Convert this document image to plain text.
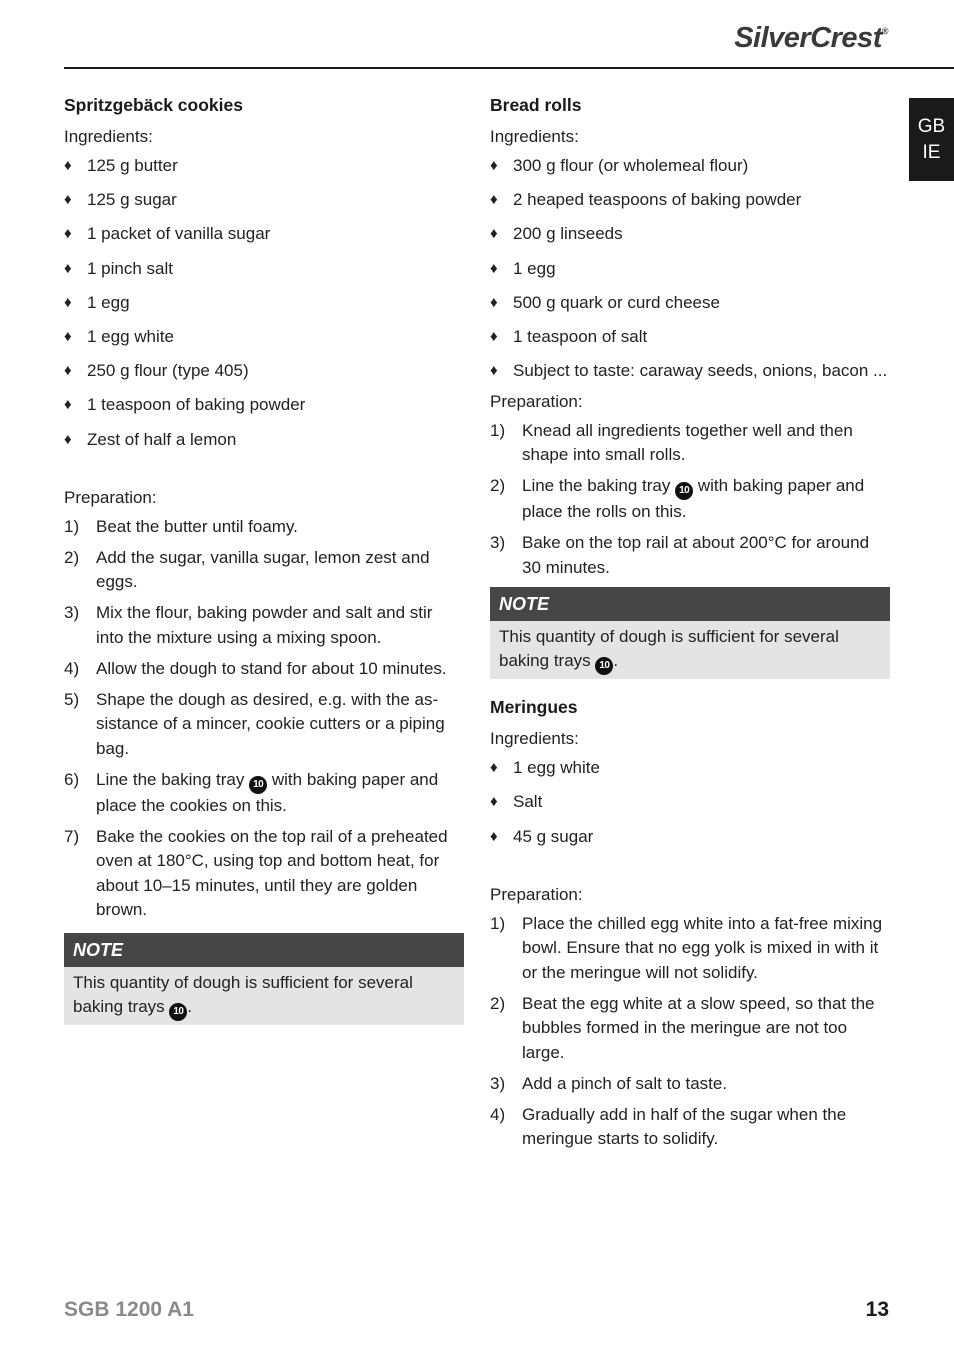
SilverCrest®
GB
IE
Spritzgebäck cookies
Ingredients:
♦ 125 g butter
♦ 125 g sugar
♦ 1 packet of vanilla sugar
♦ 1 pinch salt
♦ 1 egg
♦ 1 egg white
♦ 250 g flour (type 405)
♦ 1 teaspoon of baking powder
♦ Zest of half a lemon
Preparation:
1) Beat the butter until foamy.
2) Add the sugar, vanilla sugar, lemon zest and eggs.
3) Mix the flour, baking powder and salt and stir into the mixture using a mixing spoon.
4) Allow the dough to stand for about 10 minutes.
5) Shape the dough as desired, e.g. with the as-sistance of a mincer, cookie cutters or a piping bag.
6) Line the baking tray 10 with baking paper and place the cookies on this.
7) Bake the cookies on the top rail of a preheated oven at 180°C, using top and bottom heat, for about 10–15 minutes, until they are golden brown.
NOTE
This quantity of dough is sufficient for several baking trays 10 .
Bread rolls
Ingredients:
♦ 300 g flour (or wholemeal flour)
♦ 2 heaped teaspoons of baking powder
♦ 200 g linseeds
♦ 1 egg
♦ 500 g quark or curd cheese
♦ 1 teaspoon of salt
♦ Subject to taste: caraway seeds, onions, bacon ...
Preparation:
1) Knead all ingredients together well and then shape into small rolls.
2) Line the baking tray 10 with baking paper and place the rolls on this.
3) Bake on the top rail at about 200°C for around 30 minutes.
NOTE
This quantity of dough is sufficient for several baking trays 10 .
Meringues
Ingredients:
♦ 1 egg white
♦ Salt
♦ 45 g sugar
Preparation:
1) Place the chilled egg white into a fat-free mixing bowl. Ensure that no egg yolk is mixed in with it or the meringue will not solidify.
2) Beat the egg white at a slow speed, so that the bubbles formed in the meringue are not too large.
3) Add a pinch of salt to taste.
4) Gradually add in half of the sugar when the meringue starts to solidify.
SGB 1200 A1	13
